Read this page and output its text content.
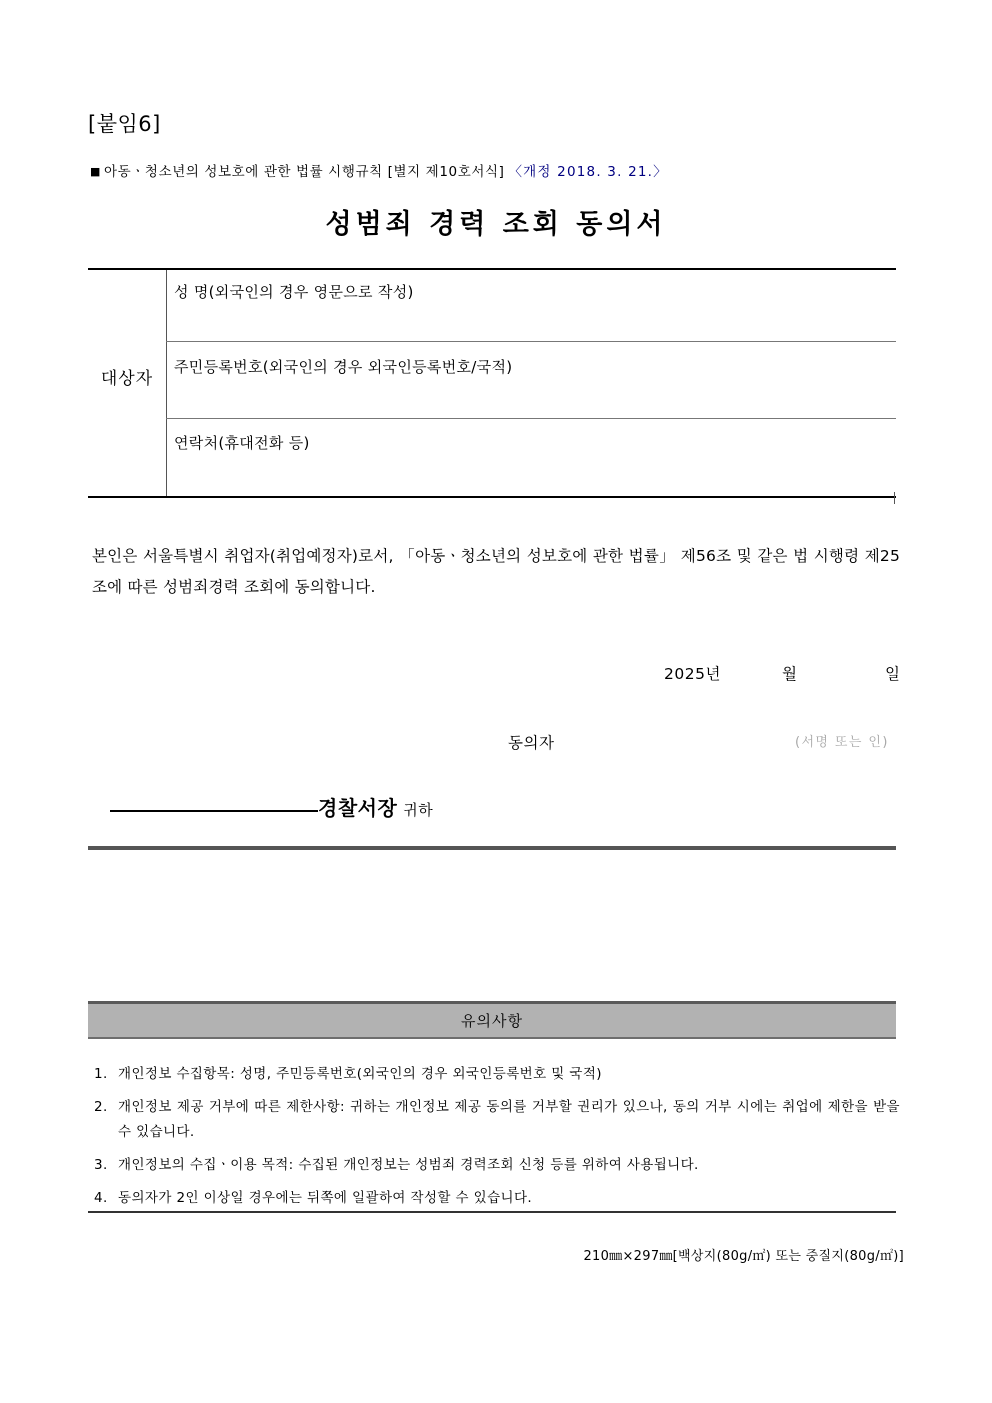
[붙임6]
■ 아동ㆍ청소년의 성보호에 관한 법률 시행규칙 [별지 제10호서식] 〈개정 2018. 3. 21.〉
성범죄 경력 조회 동의서
대상자
성 명(외국인의 경우 영문으로 작성)
주민등록번호(외국인의 경우 외국인등록번호/국적)
연락처(휴대전화 등)
본인은 서울특별시 취업자(취업예정자)로서, 「아동ㆍ청소년의 성보호에 관한 법률」 제56조 및 같은 법 시행령 제25조에 따른 성범죄경력 조회에 동의합니다.
2025년	월	일
동의자	(서명 또는 인)
경찰서장 귀하
유의사항
1. 개인정보 수집항목: 성명, 주민등록번호(외국인의 경우 외국인등록번호 및 국적)
2. 개인정보 제공 거부에 따른 제한사항: 귀하는 개인정보 제공 동의를 거부할 권리가 있으나, 동의 거부 시에는 취업에 제한을 받을 수 있습니다.
3. 개인정보의 수집ㆍ이용 목적: 수집된 개인정보는 성범죄 경력조회 신청 등를 위하여 사용됩니다.
4. 동의자가 2인 이상일 경우에는 뒤쪽에 일괄하여 작성할 수 있습니다.
210㎜×297㎜[백상지(80g/㎡) 또는 중질지(80g/㎡)]
